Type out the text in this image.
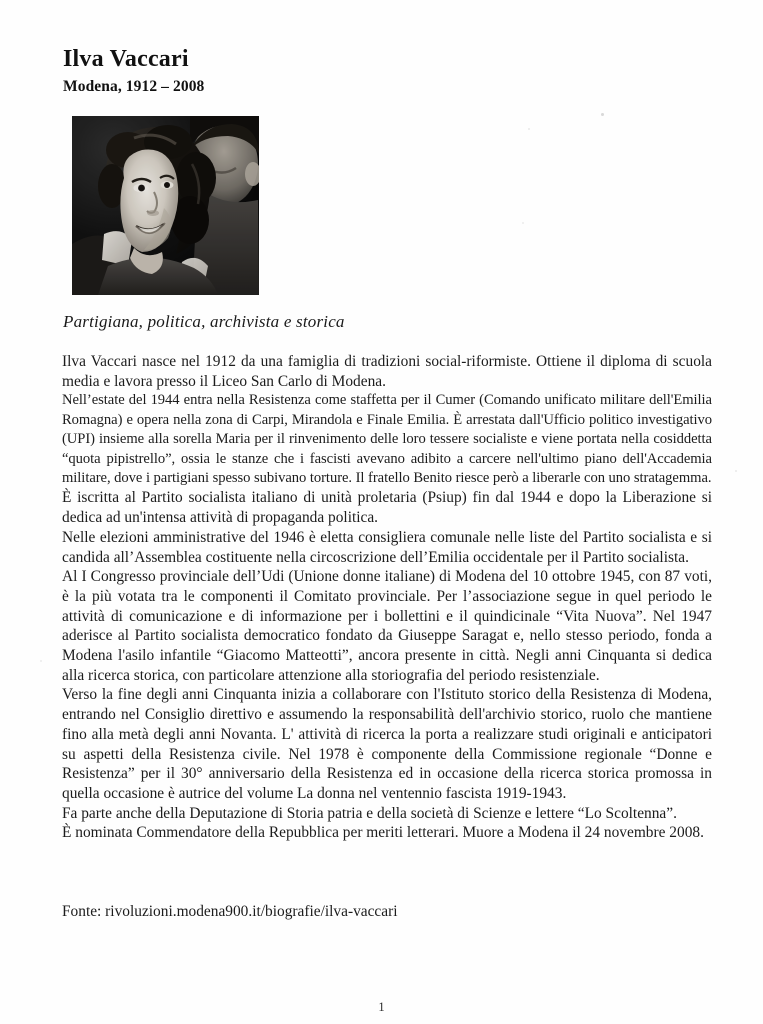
Ilva Vaccari
Modena, 1912 – 2008
Partigiana, politica, archivista e storica

Ilva Vaccari nasce nel 1912 da una famiglia di tradizioni social-riformiste. Ottiene il diploma di scuola media e lavora presso il Liceo San Carlo di Modena.

Nell’estate del 1944 entra nella Resistenza come staffetta per il Cumer (Comando unificato militare dell'Emilia Romagna) e opera nella zona di Carpi, Mirandola e Finale Emilia. È arrestata dall'Ufficio politico investigativo (UPI) insieme alla sorella Maria per il rinvenimento delle loro tessere socialiste e viene portata nella cosiddetta “quota pipistrello”, ossia le stanze che i fascisti avevano adibito a carcere nell'ultimo piano dell'Accademia militare, dove i partigiani spesso subivano torture. Il fratello Benito riesce però a liberarle con uno stratagemma.

È iscritta al Partito socialista italiano di unità proletaria (Psiup) fin dal 1944 e dopo la Liberazione si dedica ad un'intensa attività di propaganda politica.

Nelle elezioni amministrative del 1946 è eletta consigliera comunale nelle liste del Partito socialista e si candida all’Assemblea costituente nella circoscrizione dell’Emilia occidentale per il Partito socialista.

Al I Congresso provinciale dell’Udi (Unione donne italiane) di Modena del 10 ottobre 1945, con 87 voti, è la più votata tra le componenti il Comitato provinciale. Per l’associazione segue in quel periodo le attività di comunicazione e di informazione per i bollettini e il quindicinale “Vita Nuova”. Nel 1947 aderisce al Partito socialista democratico fondato da Giuseppe Saragat e, nello stesso periodo, fonda a Modena l'asilo infantile “Giacomo Matteotti”, ancora presente in città. Negli anni Cinquanta si dedica alla ricerca storica, con particolare attenzione alla storiografia del periodo resistenziale.

Verso la fine degli anni Cinquanta inizia a collaborare con l'Istituto storico della Resistenza di Modena, entrando nel Consiglio direttivo e assumendo la responsabilità dell'archivio storico, ruolo che mantiene fino alla metà degli anni Novanta. L' attività di ricerca la porta a realizzare studi originali e anticipatori su aspetti della Resistenza civile. Nel 1978 è componente della Commissione regionale “Donne e Resistenza” per il 30° anniversario della Resistenza ed in occasione della ricerca storica promossa in quella occasione è autrice del volume La donna nel ventennio fascista 1919-1943.

Fa parte anche della Deputazione di Storia patria e della società di Scienze e lettere “Lo Scoltenna”.

È nominata Commendatore della Repubblica per meriti letterari. Muore a Modena il 24 novembre 2008.

Fonte: rivoluzioni.modena900.it/biografie/ilva-vaccari
1
